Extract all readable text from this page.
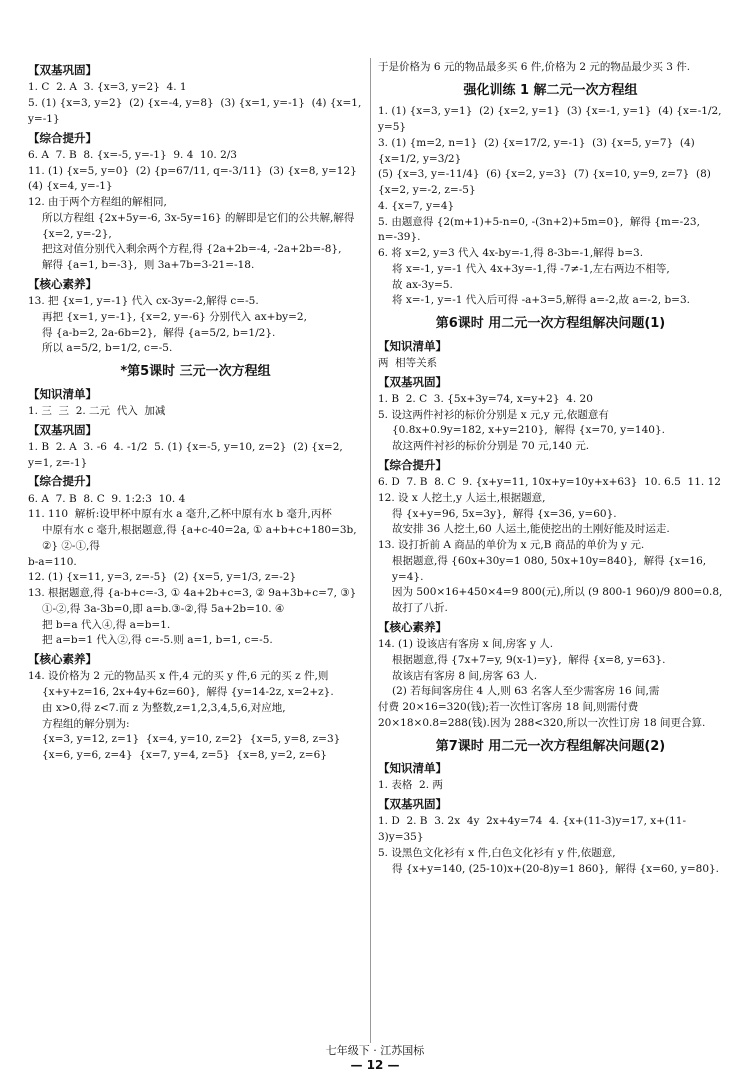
【双基巩固】
1. C  2. A  3. {x=3, y=2}  4. 1
5. (1) {x=3, y=2}  (2) {x=-4, y=8}  (3) {x=1, y=-1}  (4) {x=1, y=-1}
【综合提升】
6. A  7. B  8. {x=-5, y=-1}  9. 4  10. 2/3
11. (1) {x=5, y=0}  (2) {p=67/11, q=-3/11}  (3) {x=8, y=12}  (4) {x=4, y=-1}
12. 由于两个方程组的解相同,
所以方程组 {2x+5y=-6, 3x-5y=16} 的解即是它们的公共解,解得 {x=2, y=-2},
把这对值分别代入剩余两个方程,得 {2a+2b=-4, -2a+2b=-8},
解得 {a=1, b=-3},  则 3a+7b=3-21=-18.
【核心素养】
13. 把 {x=1, y=-1} 代入 cx-3y=-2,解得 c=-5.
再把 {x=1, y=-1}, {x=2, y=-6} 分别代入 ax+by=2,
得 {a-b=2, 2a-6b=2},  解得 {a=5/2, b=1/2}.
所以 a=5/2, b=1/2, c=-5.
*第5课时 三元一次方程组
【知识清单】
1. 三  三  2. 二元  代入  加减
【双基巩固】
1. B  2. A  3. -6  4. -1/2  5. (1) {x=-5, y=10, z=2}  (2) {x=2, y=1, z=-1}
【综合提升】
6. A  7. B  8. C  9. 1:2:3  10. 4
11. 110  解析:设甲杯中原有水 a 毫升,乙杯中原有水 b 毫升,丙杯
中原有水 c 毫升,根据题意,得 {a+c-40=2a, ① a+b+c+180=3b, ②} ②-①,得
b-a=110.
12. (1) {x=11, y=3, z=-5}  (2) {x=5, y=1/3, z=-2}
13. 根据题意,得 {a-b+c=-3, ① 4a+2b+c=3, ② 9a+3b+c=7, ③}
①-②,得 3a-3b=0,即 a=b.③-②,得 5a+2b=10. ④
把 b=a 代入④,得 a=b=1.
把 a=b=1 代入②,得 c=-5.则 a=1, b=1, c=-5.
【核心素养】
14. 设价格为 2 元的物品买 x 件,4 元的买 y 件,6 元的买 z 件,则
{x+y+z=16, 2x+4y+6z=60},  解得 {y=14-2z, x=2+z}.
由 x>0,得 z<7.而 z 为整数,z=1,2,3,4,5,6,对应地,
方程组的解分别为:
{x=3, y=12, z=1}  {x=4, y=10, z=2}  {x=5, y=8, z=3}  {x=6, y=6, z=4}  {x=7, y=4, z=5}  {x=8, y=2, z=6}
于是价格为 6 元的物品最多买 6 件,价格为 2 元的物品最少买 3 件.
强化训练 1 解二元一次方程组
1. (1) {x=3, y=1}  (2) {x=2, y=1}  (3) {x=-1, y=1}  (4) {x=-1/2, y=5}
3. (1) {m=2, n=1}  (2) {x=17/2, y=-1}  (3) {x=5, y=7}  (4) {x=1/2, y=3/2}
(5) {x=3, y=-11/4}  (6) {x=2, y=3}  (7) {x=10, y=9, z=7}  (8) {x=2, y=-2, z=-5}
4. {x=7, y=4}
5. 由题意得 {2(m+1)+5-n=0, -(3n+2)+5m=0},  解得 {m=-23, n=-39}.
6. 将 x=2, y=3 代入 4x-by=-1,得 8-3b=-1,解得 b=3.
将 x=-1, y=-1 代入 4x+3y=-1,得 -7≠-1,左右两边不相等,
故 ax-3y=5.
将 x=-1, y=-1 代入后可得 -a+3=5,解得 a=-2,故 a=-2, b=3.
第6课时 用二元一次方程组解决问题(1)
【知识清单】
两  相等关系
【双基巩固】
1. B  2. C  3. {5x+3y=74, x=y+2}  4. 20
5. 设这两件衬衫的标价分别是 x 元,y 元,依题意有
{0.8x+0.9y=182, x+y=210},  解得 {x=70, y=140}.
故这两件衬衫的标价分别是 70 元,140 元.
【综合提升】
6. D  7. B  8. C  9. {x+y=11, 10x+y=10y+x+63}  10. 6.5  11. 12
12. 设 x 人挖土,y 人运土,根据题意,
得 {x+y=96, 5x=3y},  解得 {x=36, y=60}.
故安排 36 人挖土,60 人运土,能使挖出的土刚好能及时运走.
13. 设打折前 A 商品的单价为 x 元,B 商品的单价为 y 元.
根据题意,得 {60x+30y=1 080, 50x+10y=840},  解得 {x=16, y=4}.
因为 500×16+450×4=9 800(元),所以 (9 800-1 960)/9 800=0.8,
故打了八折.
【核心素养】
14. (1) 设该店有客房 x 间,房客 y 人.
根据题意,得 {7x+7=y, 9(x-1)=y},  解得 {x=8, y=63}.
故该店有客房 8 间,房客 63 人.
(2) 若每间客房住 4 人,则 63 名客人至少需客房 16 间,需
付费 20×16=320(钱);若一次性订客房 18 间,则需付费 20×18×0.8=288(钱).因为 288<320,所以一次性订房 18 间更合算.
第7课时 用二元一次方程组解决问题(2)
【知识清单】
1. 表格  2. 两
【双基巩固】
1. D  2. B  3. 2x  4y  2x+4y=74  4. {x+(11-3)y=17, x+(11-3)y=35}
5. 设黑色文化衫有 x 件,白色文化衫有 y 件,依题意,
得 {x+y=140, (25-10)x+(20-8)y=1 860},  解得 {x=60, y=80}.
七年级下 · 江苏国标
— 12 —
